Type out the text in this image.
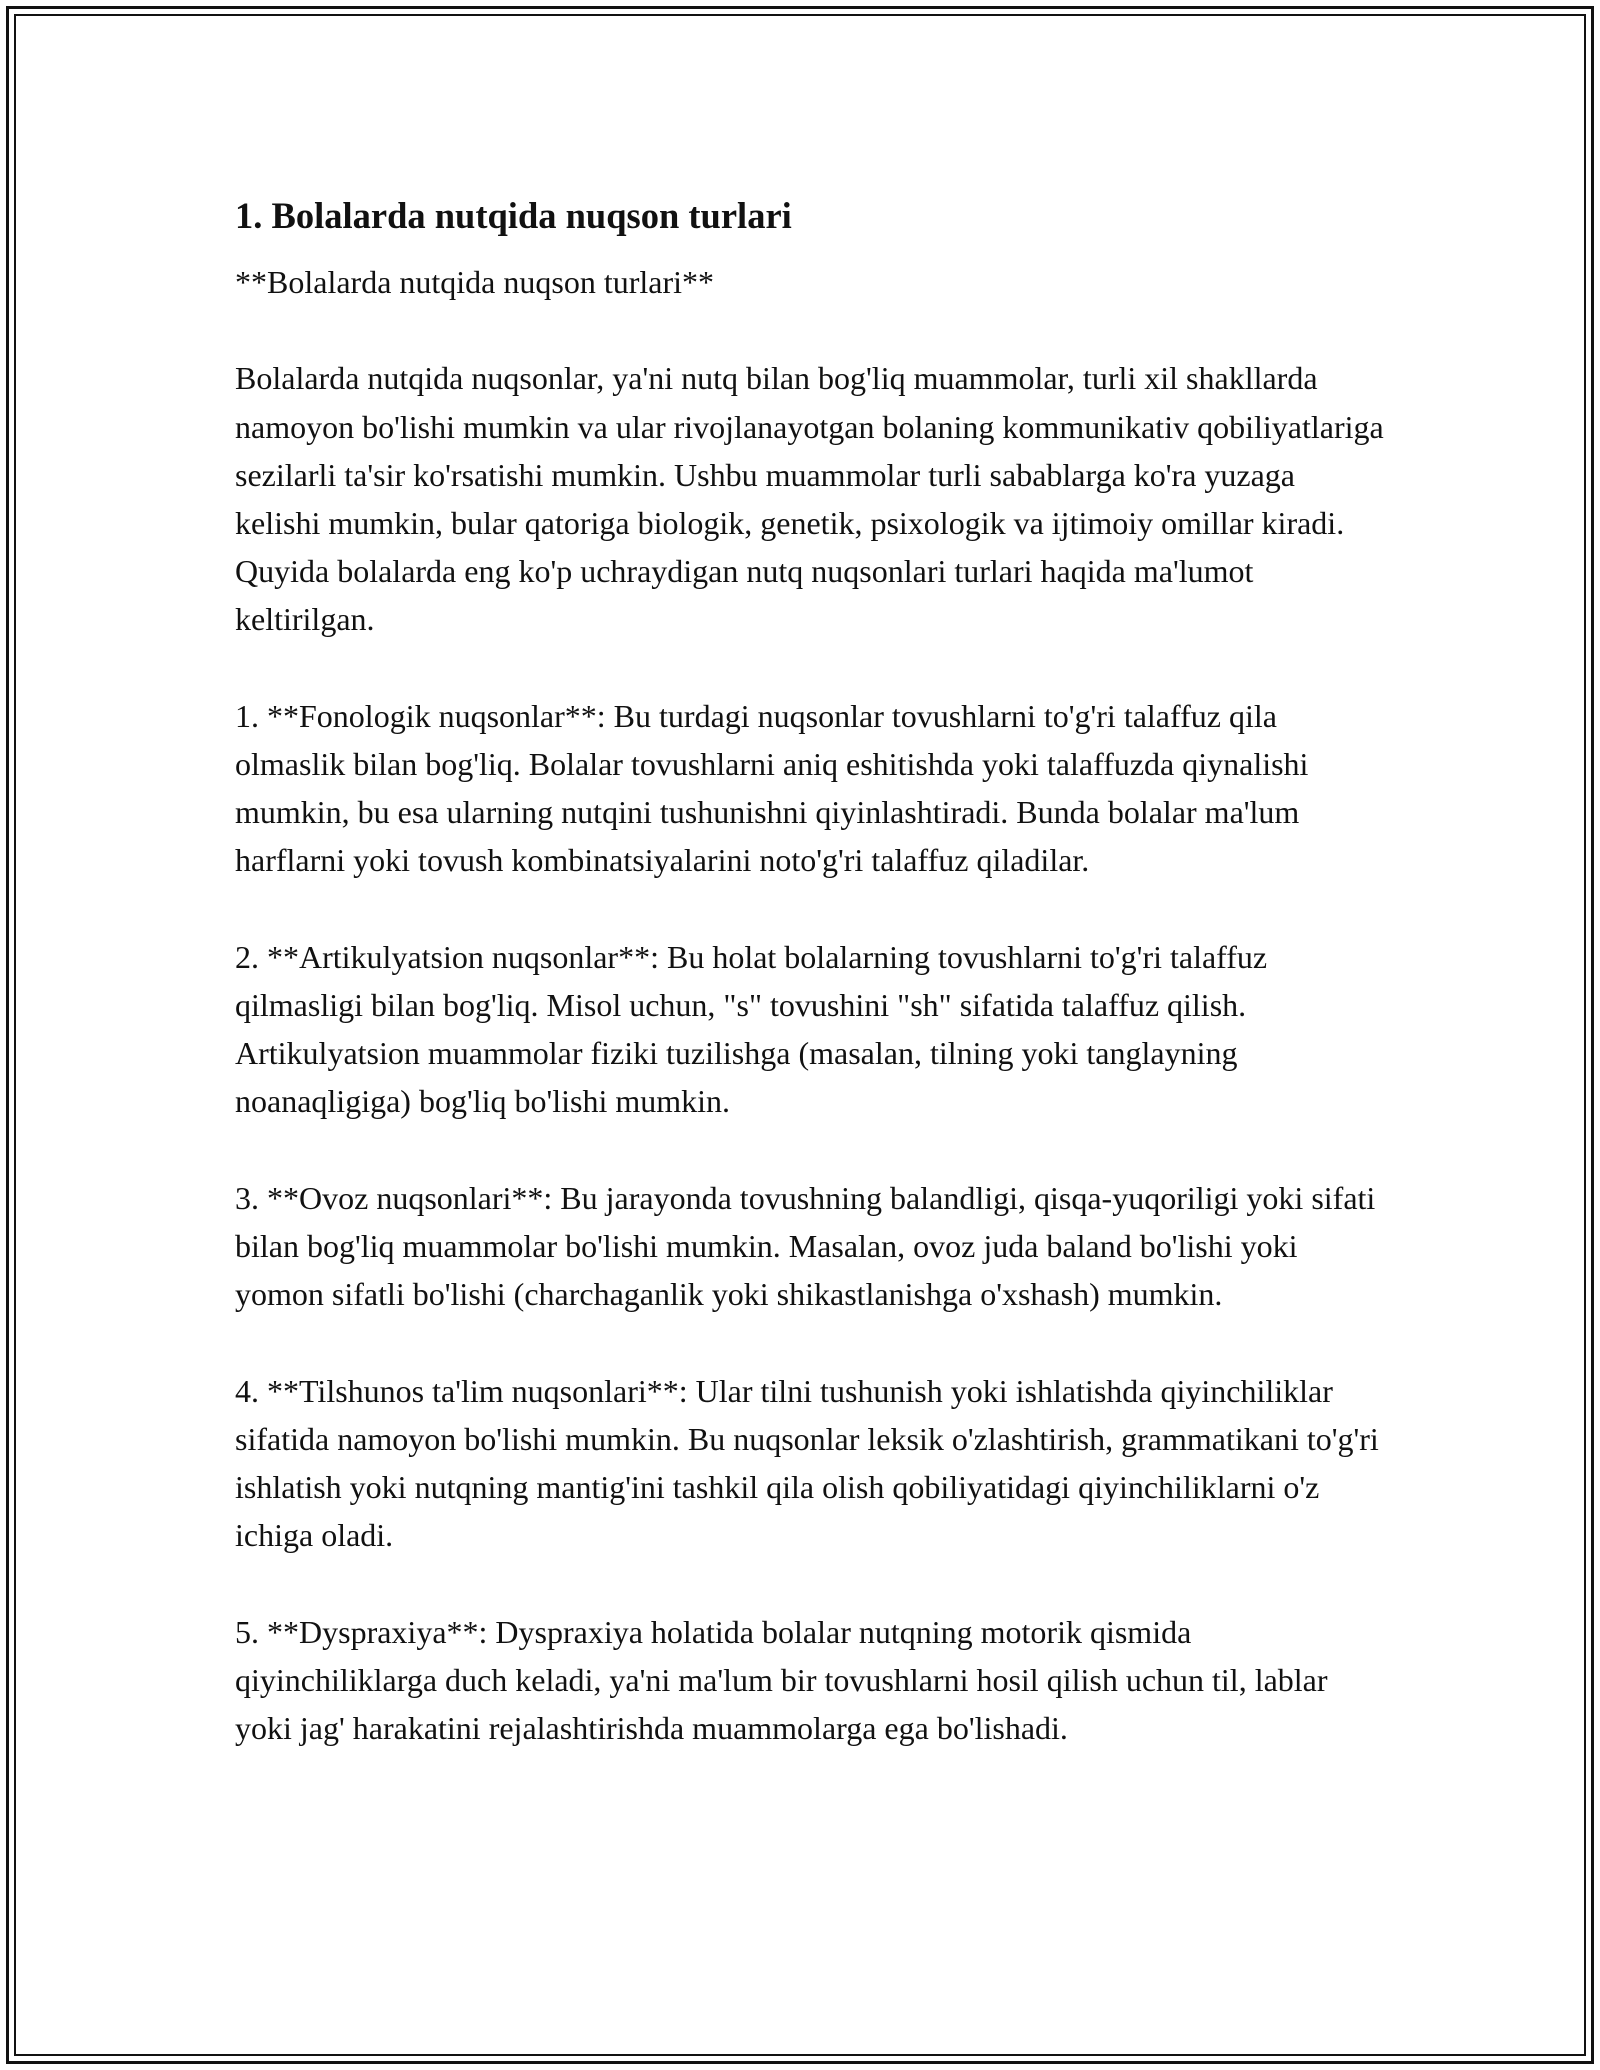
1. Bolalarda nutqida nuqson turlari

**Bolalarda nutqida nuqson turlari**

Bolalarda nutqida nuqsonlar, ya'ni nutq bilan bog'liq muammolar, turli xil shakllarda namoyon bo'lishi mumkin va ular rivojlanayotgan bolaning kommunikativ qobiliyatlariga sezilarli ta'sir ko'rsatishi mumkin. Ushbu muammolar turli sabablarga ko'ra yuzaga kelishi mumkin, bular qatoriga biologik, genetik, psixologik va ijtimoiy omillar kiradi. Quyida bolalarda eng ko'p uchraydigan nutq nuqsonlari turlari haqida ma'lumot keltirilgan.

1. **Fonologik nuqsonlar**: Bu turdagi nuqsonlar tovushlarni to'g'ri talaffuz qila olmaslik bilan bog'liq. Bolalar tovushlarni aniq eshitishda yoki talaffuzda qiynalishi mumkin, bu esa ularning nutqini tushunishni qiyinlashtiradi. Bunda bolalar ma'lum harflarni yoki tovush kombinatsiyalarini noto'g'ri talaffuz qiladilar.

2. **Artikulyatsion nuqsonlar**: Bu holat bolalarning tovushlarni to'g'ri talaffuz qilmasligi bilan bog'liq. Misol uchun, "s" tovushini "sh" sifatida talaffuz qilish. Artikulyatsion muammolar fiziki tuzilishga (masalan, tilning yoki tanglayning noanaqligiga) bog'liq bo'lishi mumkin.

3. **Ovoz nuqsonlari**: Bu jarayonda tovushning balandligi, qisqa-yuqoriligi yoki sifati bilan bog'liq muammolar bo'lishi mumkin. Masalan, ovoz juda baland bo'lishi yoki yomon sifatli bo'lishi (charchaganlik yoki shikastlanishga o'xshash) mumkin.

4. **Tilshunos ta'lim nuqsonlari**: Ular tilni tushunish yoki ishlatishda qiyinchiliklar sifatida namoyon bo'lishi mumkin. Bu nuqsonlar leksik o'zlashtirish, grammatikani to'g'ri ishlatish yoki nutqning mantig'ini tashkil qila olish qobiliyatidagi qiyinchiliklarni o'z ichiga oladi.

5. **Dyspraxiya**: Dyspraxiya holatida bolalar nutqning motorik qismida qiyinchiliklarga duch keladi, ya'ni ma'lum bir tovushlarni hosil qilish uchun til, lablar yoki jag' harakatini rejalashtirishda muammolarga ega bo'lishadi.
